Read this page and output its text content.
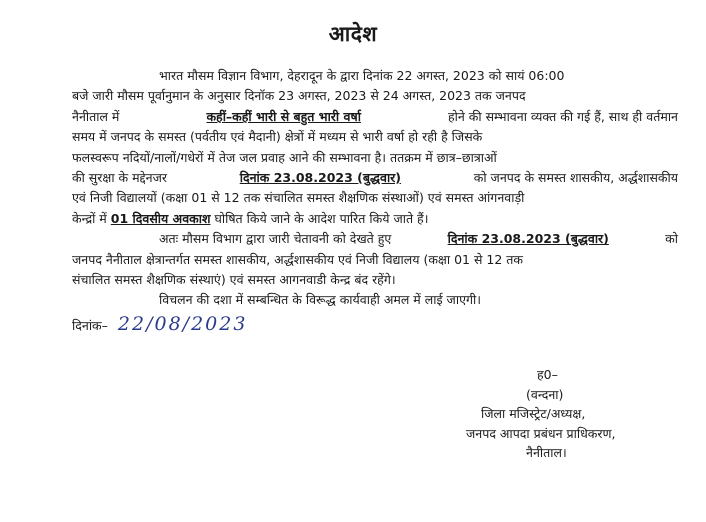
आदेश
भारत मौसम विज्ञान विभाग, देहरादून के द्वारा दिनांक 22 अगस्त, 2023 को सायं 06:00
बजे जारी मौसम पूर्वानुमान के अनुसार दिनॉक 23 अगस्त, 2023 से 24 अगस्त, 2023 तक जनपद
नैनीताल में	कहीं–कहीं भारी से बहुत भारी वर्षा	होने की सम्भावना व्यक्त की गई हैं, साथ ही वर्तमान
समय में जनपद के समस्त (पर्वतीय एवं मैदानी) क्षेत्रों में मध्यम से भारी वर्षा हो रही है जिसके
फलस्वरूप नदियों/नालों/गधेरों में तेज जल प्रवाह आने की सम्भावना है। ततक्रम में छात्र–छात्राओं
की सुरक्षा के मद्देनजर	दिनांक 23.08.2023 (बुद्धवार)	को जनपद के समस्त शासकीय, अर्द्धशासकीय
एवं निजी विद्यालयों (कक्षा 01 से 12 तक संचालित समस्त शैक्षणिक संस्थाओं) एवं समस्त आंगनवाड़ी
केन्द्रों में
01 दिवसीय अवकाश
घोषित किये जाने के आदेश पारित किये जाते हैं।
अतः मौसम विभाग द्वारा जारी चेतावनी को देखते हुए	दिनांक 23.08.2023 (बुद्धवार)	को
जनपद नैनीताल क्षेत्रान्तर्गत समस्त शासकीय, अर्द्धशासकीय एवं निजी विद्यालय (कक्षा 01 से 12 तक
संचालित समस्त शैक्षणिक संस्थाएं) एवं समस्त आगनवाडी केन्द्र बंद रहेंगे।
विचलन की दशा में सम्बन्धित के विरूद्ध कार्यवाही अमल में लाई जाएगी।
दिनांक– 22/08/2023
ह0–
(वन्दना)
जिला मजिस्ट्रेट/अध्यक्ष,
जनपद आपदा प्रबंधन प्राधिकरण,
नैनीताल।
